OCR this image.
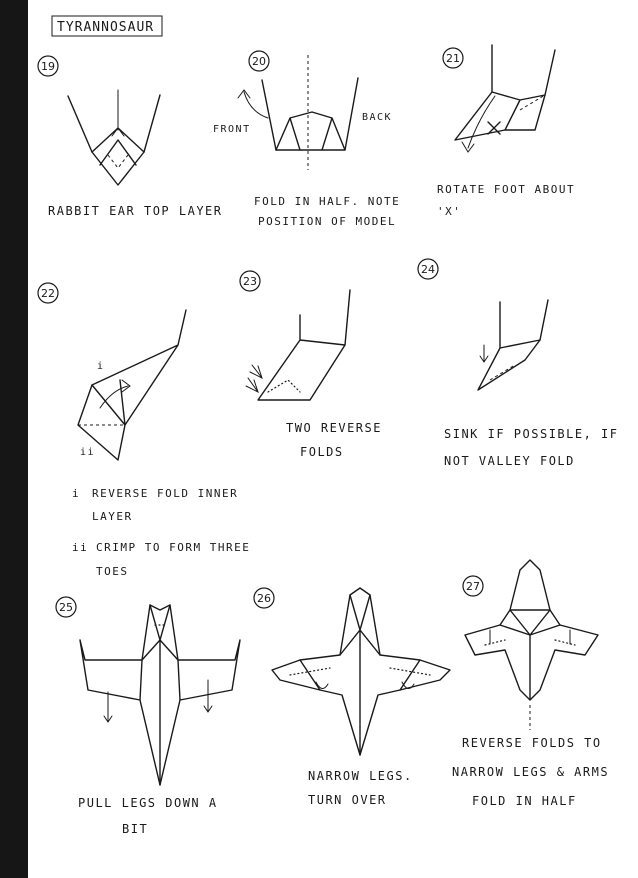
TYRANNOSAUR
19
RABBIT EAR TOP LAYER
20
FRONT
BACK
FOLD IN HALF. NOTE
POSITION OF MODEL
21
ROTATE FOOT ABOUT
'X'
22
i
ii
i REVERSE FOLD INNER
LAYER
ii CRIMP TO FORM THREE
TOES
23
TWO REVERSE
FOLDS
24
SINK IF POSSIBLE, IF
NOT VALLEY FOLD
25
PULL LEGS DOWN A
BIT
26
NARROW LEGS.
TURN OVER
27
REVERSE FOLDS TO
NARROW LEGS & ARMS
FOLD IN HALF
